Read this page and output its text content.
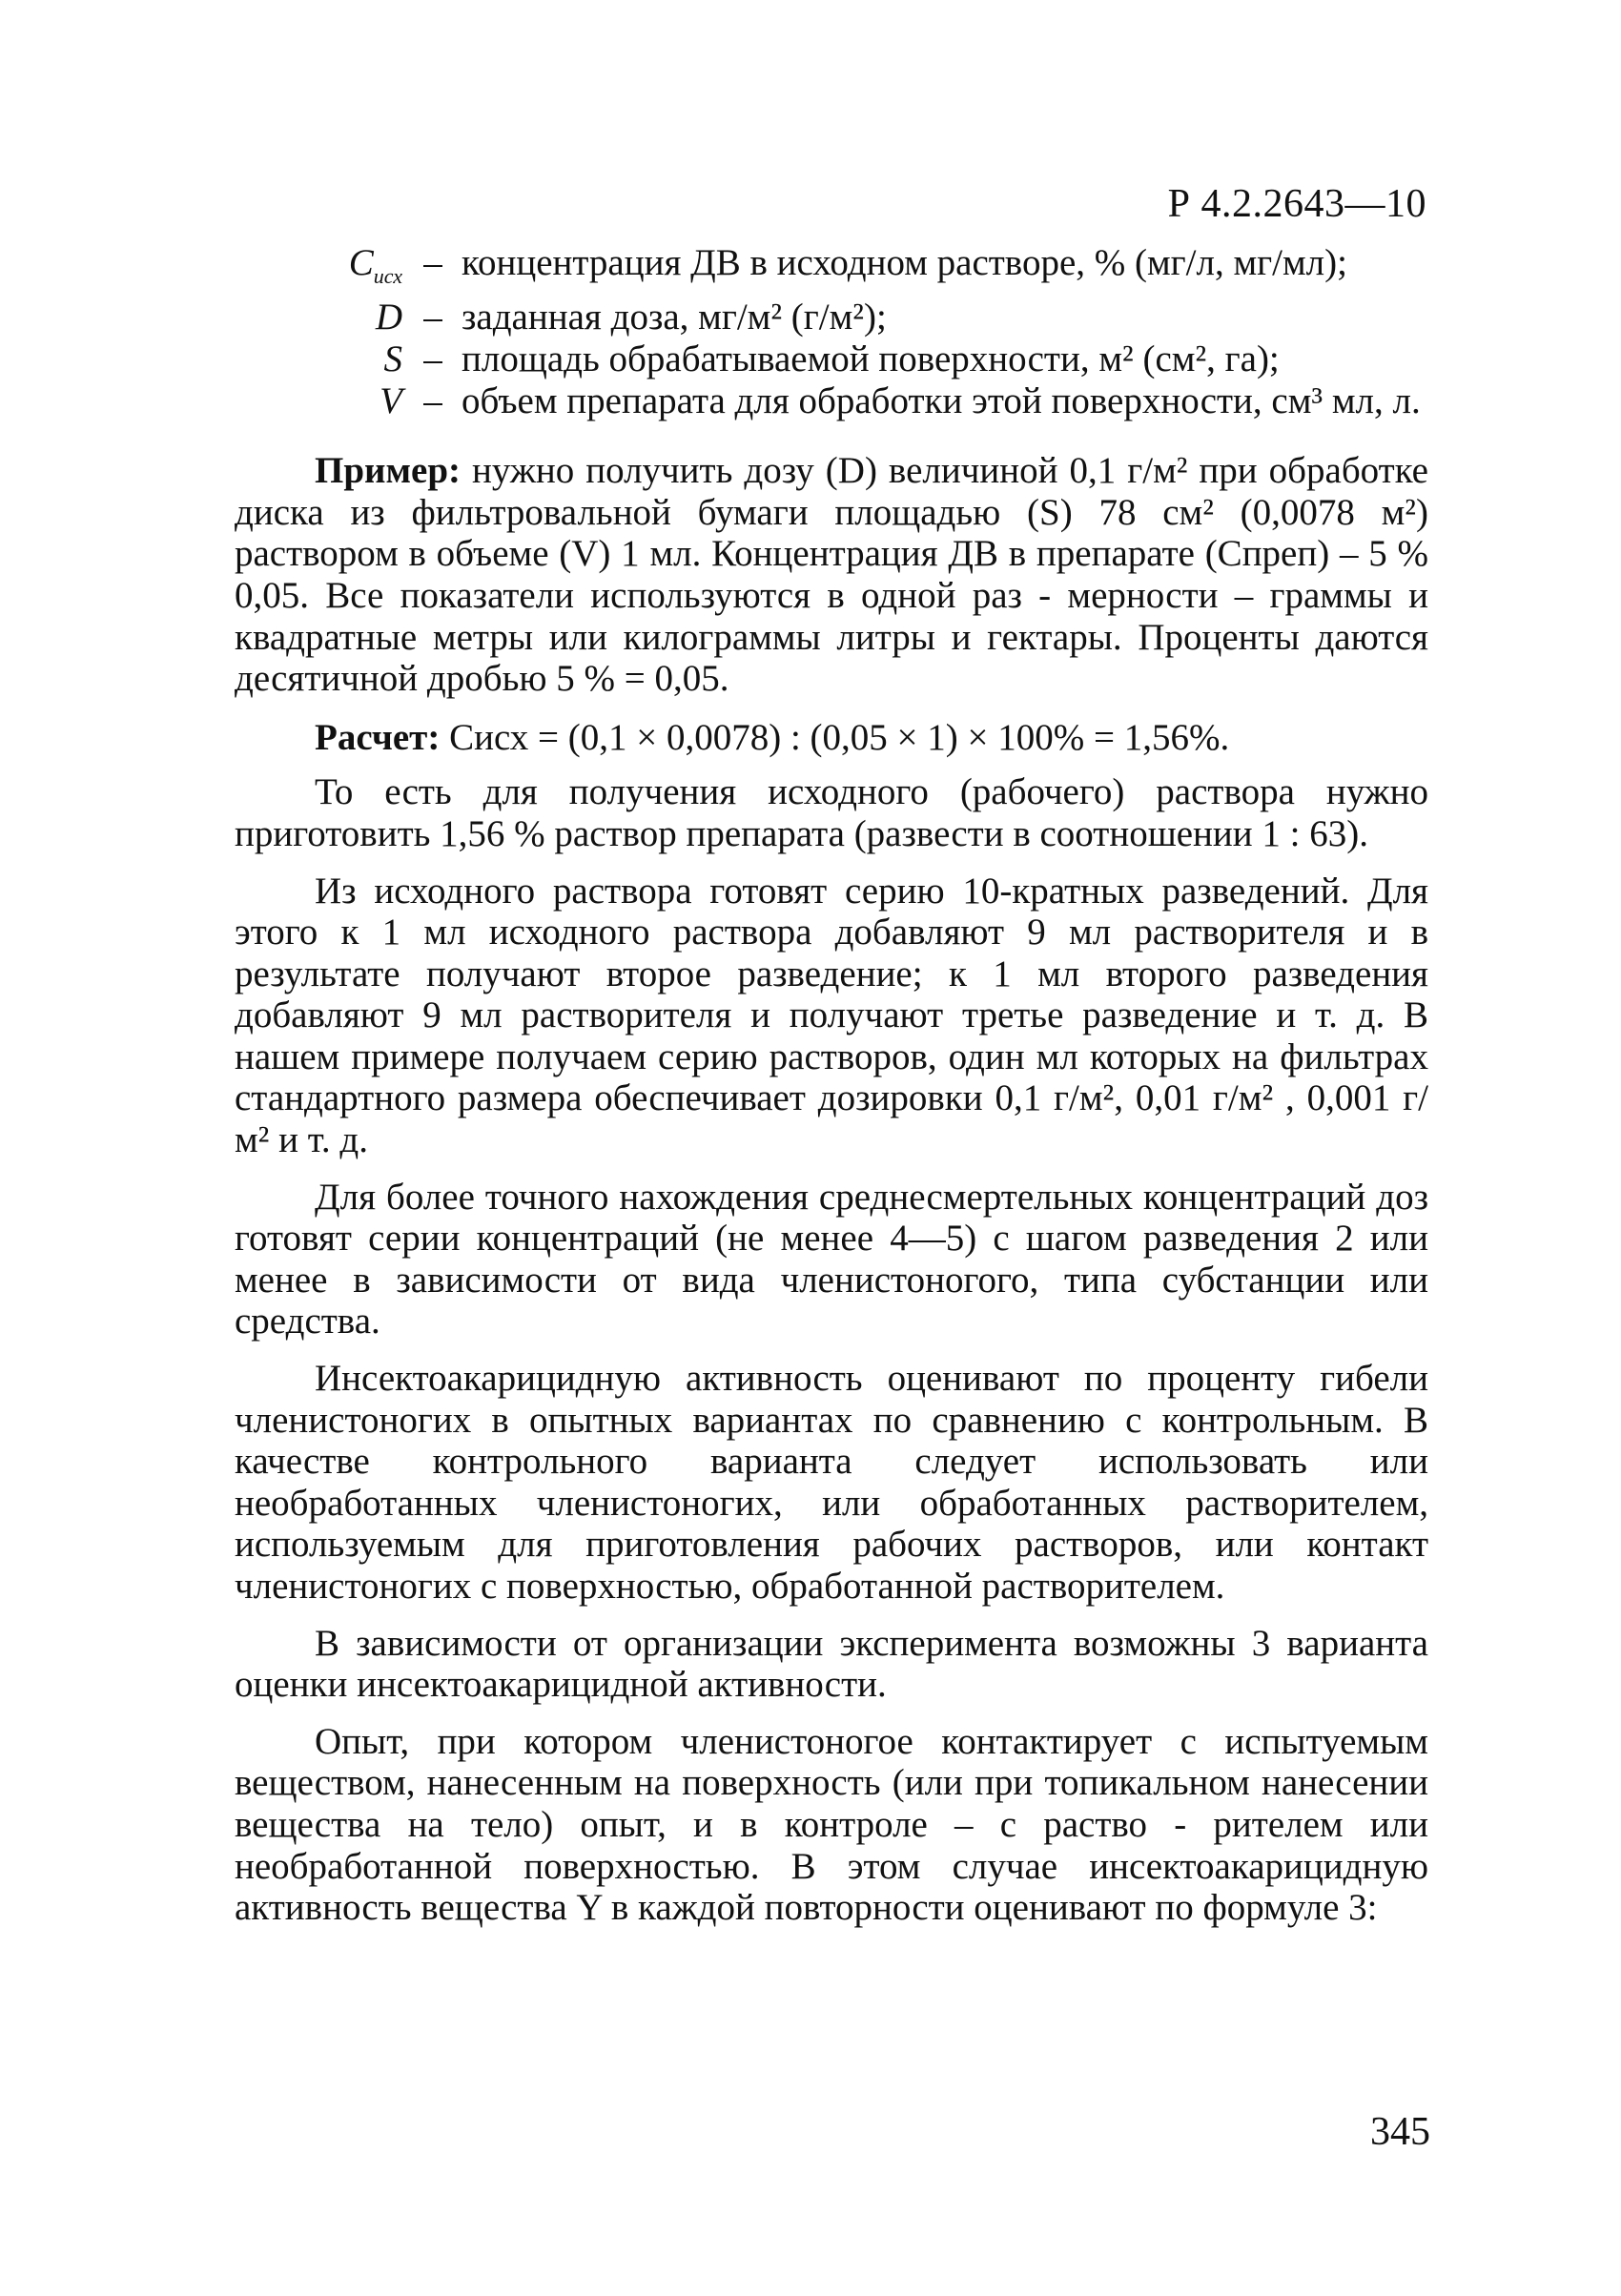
Р 4.2.2643—10
$C_{исх}$ – концентрация ДВ в исходном растворе, % (мг/л, мг/мл);
D – заданная доза, мг/м² (г/м²);
S – площадь обрабатываемой поверхности, м² (см², га);
V – объем препарата для обработки этой поверхности, см³ мл, л.

Пример: нужно получить дозу (D) величиной 0,1 г/м² при обработке диска из фильтровальной бумаги площадью (S) 78 см² (0,0078 м²) раствором в объеме (V) 1 мл. Концентрация ДВ в препарате (Cпреп) – 5 % 0,05. Все показатели используются в одной раз - мерности – граммы и квадратные метры или килограммы литры и гектары. Проценты даются десятичной дробью 5 % = 0,05.

Расчет: Cисх = (0,1 × 0,0078) : (0,05 × 1) × 100% = 1,56%.

То есть для получения исходного (рабочего) раствора нужно приготовить 1,56 % раствор препарата (развести в соотношении 1 : 63).

Из исходного раствора готовят серию 10-кратных разведений. Для этого к 1 мл исходного раствора добавляют 9 мл растворителя и в результате получают второе разведение; к 1 мл второго разведения добавляют 9 мл растворителя и получают третье разведение и т. д. В нашем примере получаем серию растворов, один мл которых на фильтрах стандартного размера обеспечивает дозировки 0,1 г/м², 0,01 г/м² , 0,001 г/м² и т. д.

Для более точного нахождения среднесмертельных концентраций доз готовят серии концентраций (не менее 4—5) с шагом разведения 2 или менее в зависимости от вида членистоногого, типа субстанции или средства.

Инсектоакарицидную активность оценивают по проценту гибели членистоногих в опытных вариантах по сравнению с контрольным. В качестве контрольного варианта следует использовать или необработанных членистоногих, или обработанных растворителем, используемым для приготовления рабочих растворов, или контакт членистоногих с поверхностью, обработанной растворителем.

В зависимости от организации эксперимента возможны 3 варианта оценки инсектоакарицидной активности.

Опыт, при котором членистоногое контактирует с испытуемым веществом, нанесенным на поверхность (или при топикальном нанесении вещества на тело) опыт, и в контроле – с раство - рителем или необработанной поверхностью. В этом случае инсектоакарицидную активность вещества Y в каждой повторности оценивают по формуле 3:

345
